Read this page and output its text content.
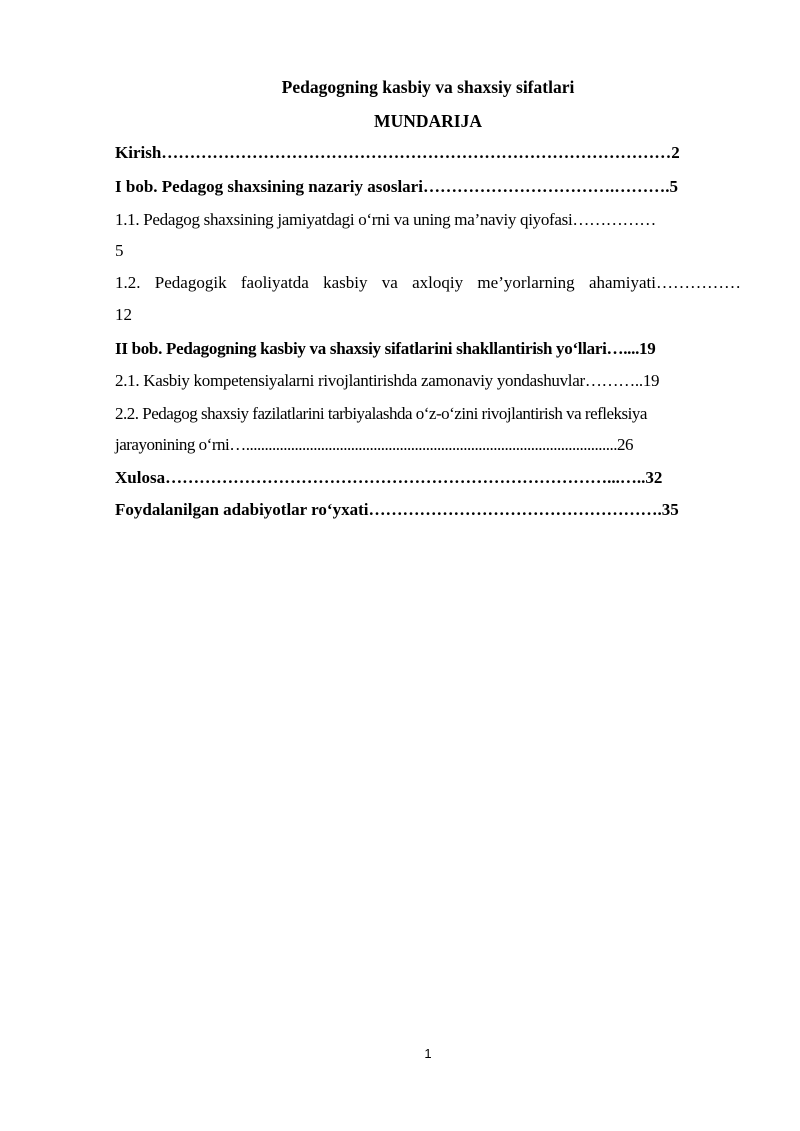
Pedagogning kasbiy va shaxsiy sifatlari
MUNDARIJA
Kirish………………………………………………………………………………2
I bob. Pedagog shaxsining nazariy asoslari…………………………….……….5
1.1. Pedagog shaxsining jamiyatdagi o‘rni va uning ma’naviy qiyofasi……………
5
1.2. Pedagogik faoliyatda kasbiy va axloqiy me’yorlarning ahamiyati……………
12
II bob. Pedagogning kasbiy va shaxsiy sifatlarini shakllantirish yo‘llari…....19
2.1. Kasbiy kompetensiyalarni rivojlantirishda zamonaviy yondashuvlar………..19
2.2. Pedagog shaxsiy fazilatlarini tarbiyalashda o‘z-o‘zini rivojlantirish va refleksiya
jarayonining o‘rni…...................................................................................................26
Xulosa……………………………………………………………………...…..32
Foydalanilgan adabiyotlar ro‘yxati…………………………………………….35
1
